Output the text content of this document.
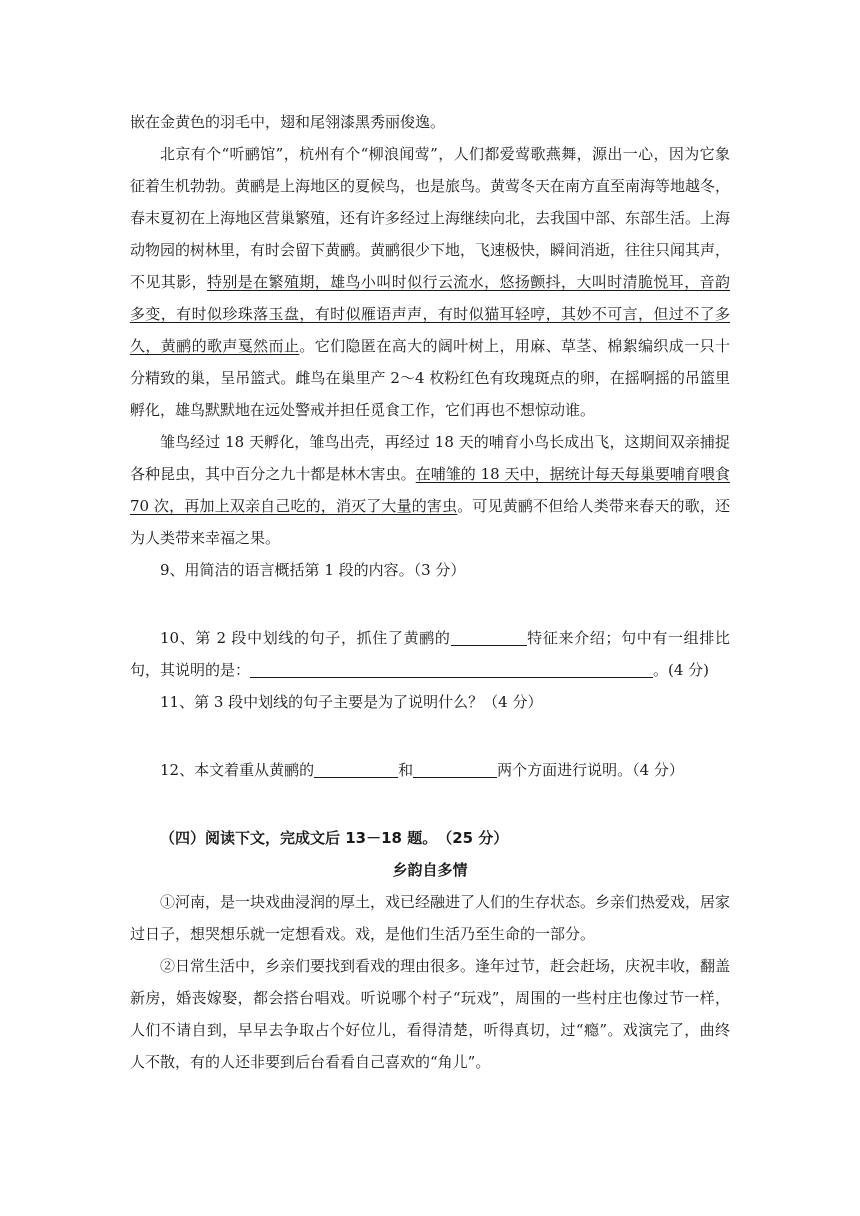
嵌在金黄色的羽毛中，翅和尾翎漆黑秀丽俊逸。

北京有个“听鹂馆”，杭州有个“柳浪闻莺”，人们都爱莺歌燕舞，源出一心，因为它象征着生机勃勃。黄鹂是上海地区的夏候鸟，也是旅鸟。黄莺冬天在南方直至南海等地越冬，春末夏初在上海地区营巢繁殖，还有许多经过上海继续向北，去我国中部、东部生活。上海动物园的树林里，有时会留下黄鹂。黄鹂很少下地，飞速极快，瞬间消逝，往往只闻其声，不见其影，特别是在繁殖期，雄鸟小叫时似行云流水，悠扬颤抖，大叫时清脆悦耳，音韵多变，有时似珍珠落玉盘，有时似雁语声声，有时似猫耳轻哼，其妙不可言，但过不了多久，黄鹂的歌声戛然而止。它们隐匿在高大的阔叶树上，用麻、草茎、棉絮编织成一只十分精致的巢，呈吊篮式。雌鸟在巢里产 2～4 枚粉红色有玫瑰斑点的卵，在摇啊摇的吊篮里孵化，雄鸟默默地在远处警戒并担任觅食工作，它们再也不想惊动谁。

雏鸟经过 18 天孵化，雏鸟出壳，再经过 18 天的哺育小鸟长成出飞，这期间双亲捕捉各种昆虫，其中百分之九十都是林木害虫。在哺雏的 18 天中，据统计每天每巢要哺育喂食 70 次，再加上双亲自己吃的，消灭了大量的害虫。可见黄鹂不但给人类带来春天的歌，还为人类带来幸福之果。

9、用简洁的语言概括第 1 段的内容。（3 分）

10、第 2 段中划线的句子，抓住了黄鹂的	特征来介绍；句中有一组排比句，其说明的是：	。(4 分)

11、第 3 段中划线的句子主要是为了说明什么？（4 分）

12、本文着重从黄鹂的	和	两个方面进行说明。（4 分）

（四）阅读下文，完成文后 13－18 题。　（25 分）

乡韵自多情

①河南，是一块戏曲浸润的厚土，戏已经融进了人们的生存状态。乡亲们热爱戏，居家过日子，想哭想乐就一定想看戏。戏，是他们生活乃至生命的一部分。

②日常生活中，乡亲们要找到看戏的理由很多。逢年过节，赶会赶场，庆祝丰收，翻盖新房，婚丧嫁娶，都会搭台唱戏。听说哪个村子“玩戏”，周围的一些村庄也像过节一样，人们不请自到，早早去争取占个好位儿，看得清楚，听得真切，过“瘾”。戏演完了，曲终人不散，有的人还非要到后台看看自己喜欢的“角儿”。
